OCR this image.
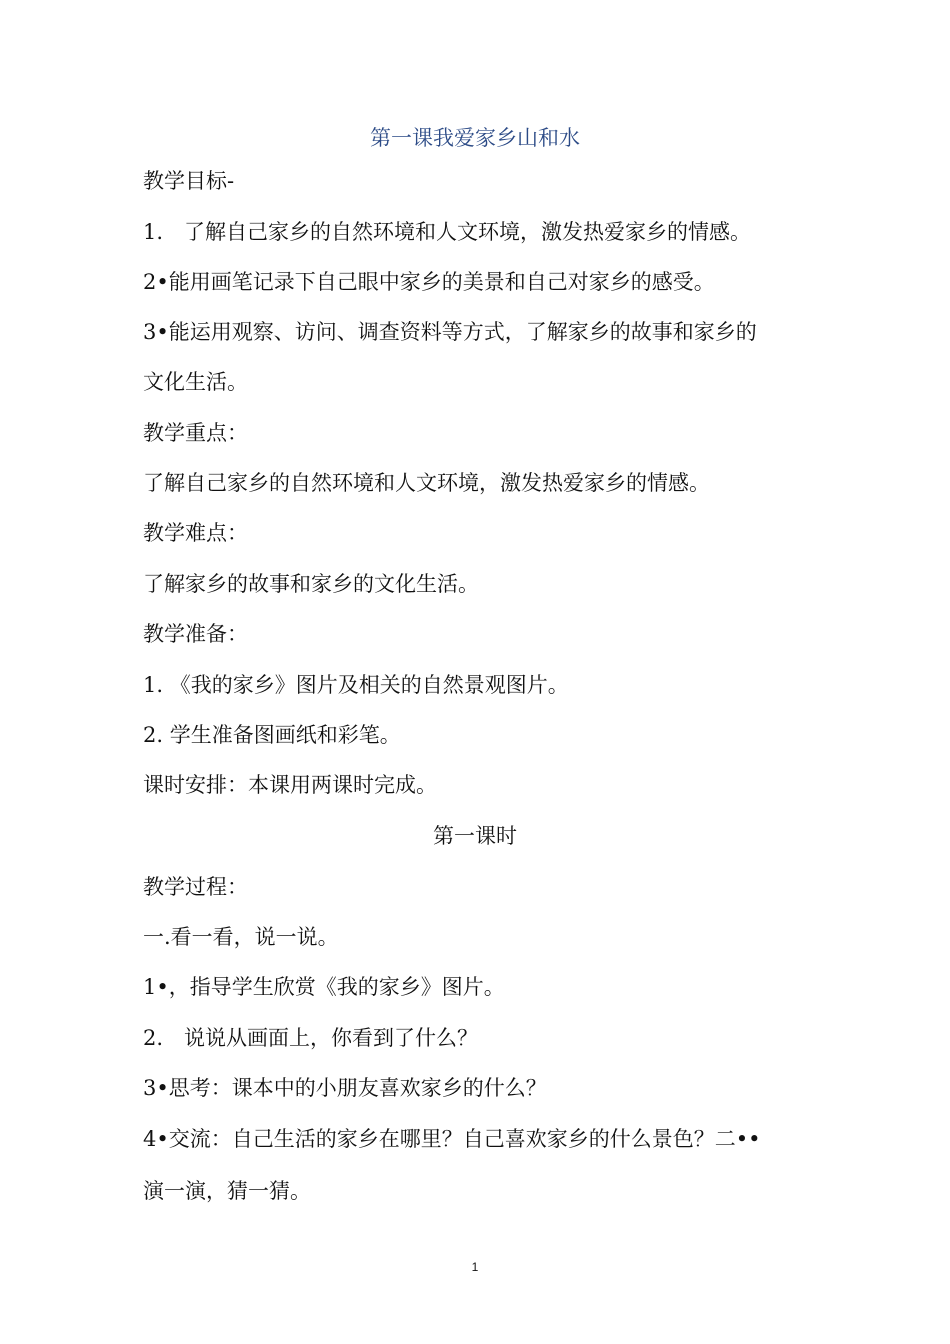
第一课我爱家乡山和水
教学目标-
1.　了解自己家乡的自然环境和人文环境，激发热爱家乡的情感。
2•能用画笔记录下自己眼中家乡的美景和自己对家乡的感受。
3•能运用观察、访问、调查资料等方式，了解家乡的故事和家乡的
文化生活。
教学重点：
了解自己家乡的自然环境和人文环境，激发热爱家乡的情感。
教学难点：
了解家乡的故事和家乡的文化生活。
教学准备：
1. 《我的家乡》图片及相关的自然景观图片。
2. 学生准备图画纸和彩笔。
课时安排：本课用两课时完成。
第一课时
教学过程：
一.看一看，说一说。
1•，指导学生欣赏《我的家乡》图片。
2.　说说从画面上，你看到了什么？
3•思考：课本中的小朋友喜欢家乡的什么？
4•交流：自己生活的家乡在哪里？自己喜欢家乡的什么景色？二••
演一演，猜一猜。
1
